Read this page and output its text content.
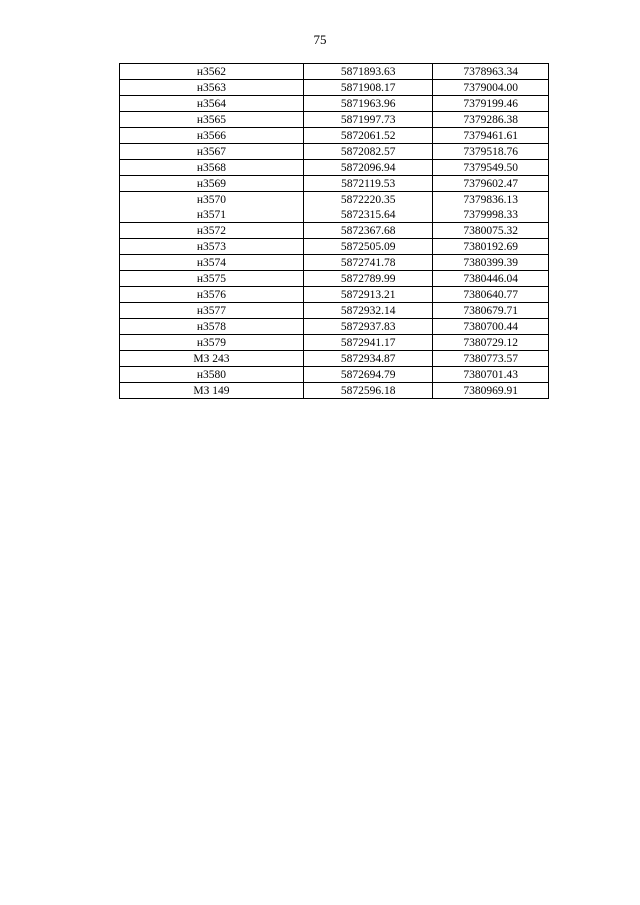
75
н3562	5871893.63	7378963.34
н3563	5871908.17	7379004.00
н3564	5871963.96	7379199.46
н3565	5871997.73	7379286.38
н3566	5872061.52	7379461.61
н3567	5872082.57	7379518.76
н3568	5872096.94	7379549.50
н3569	5872119.53	7379602.47
н3570	5872220.35	7379836.13
н3571	5872315.64	7379998.33
н3572	5872367.68	7380075.32
н3573	5872505.09	7380192.69
н3574	5872741.78	7380399.39
н3575	5872789.99	7380446.04
н3576	5872913.21	7380640.77
н3577	5872932.14	7380679.71
н3578	5872937.83	7380700.44
н3579	5872941.17	7380729.12
МЗ 243	5872934.87	7380773.57
н3580	5872694.79	7380701.43
МЗ 149	5872596.18	7380969.91
